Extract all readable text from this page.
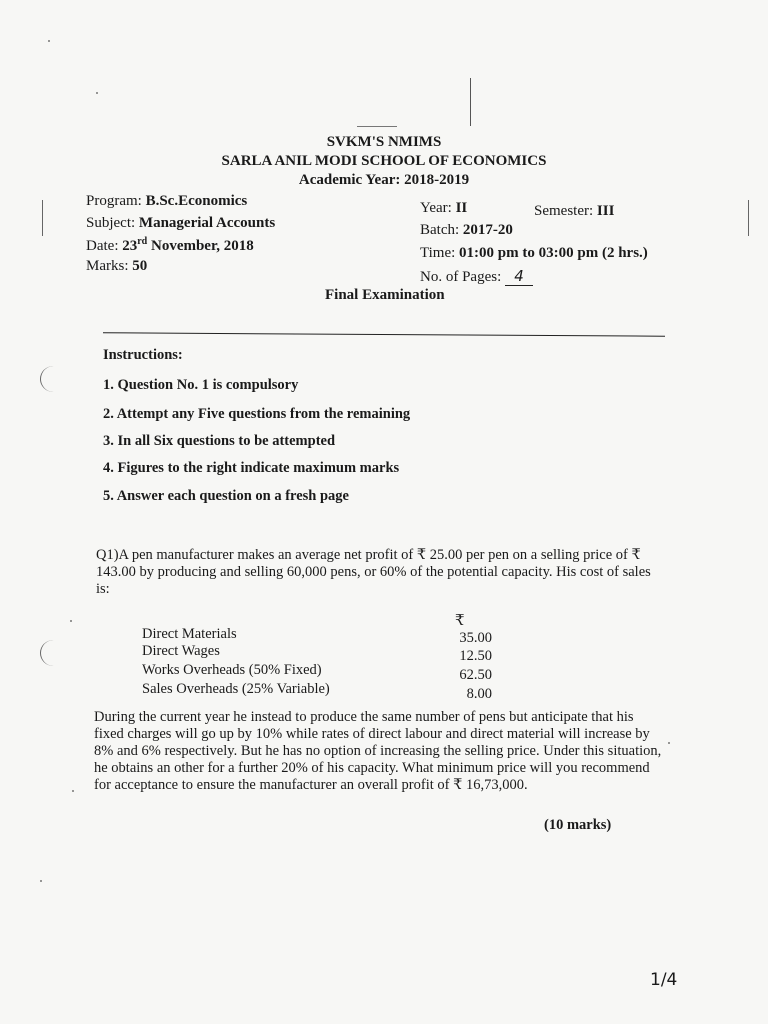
SVKM'S NMIMS
SARLA ANIL MODI SCHOOL OF ECONOMICS
Academic Year: 2018-2019
Program: B.Sc.Economics
Subject: Managerial Accounts
Date: 23rd November, 2018
Marks: 50
Year: II	Semester: III
Batch: 2017-20
Time: 01:00 pm to 03:00 pm (2 hrs.)
No. of Pages: 4
Final Examination
Instructions:
1. Question No. 1 is compulsory
2. Attempt any Five questions from the remaining
3. In all Six questions to be attempted
4. Figures to the right indicate maximum marks
5. Answer each question on a fresh page
Q1)A pen manufacturer makes an average net profit of ₹ 25.00 per pen on a selling price of ₹ 143.00 by producing and selling 60,000 pens, or 60% of the potential capacity. His cost of sales is:
₹
Direct Materials	35.00
Direct Wages	12.50
Works Overheads (50% Fixed)	62.50
Sales Overheads (25% Variable)	8.00
During the current year he instead to produce the same number of pens but anticipate that his fixed charges will go up by 10% while rates of direct labour and direct material will increase by 8% and 6% respectively. But he has no option of increasing the selling price. Under this situation, he obtains an other for a further 20% of his capacity. What minimum price will you recommend for acceptance to ensure the manufacturer an overall profit of ₹ 16,73,000.
(10 marks)
1/4
